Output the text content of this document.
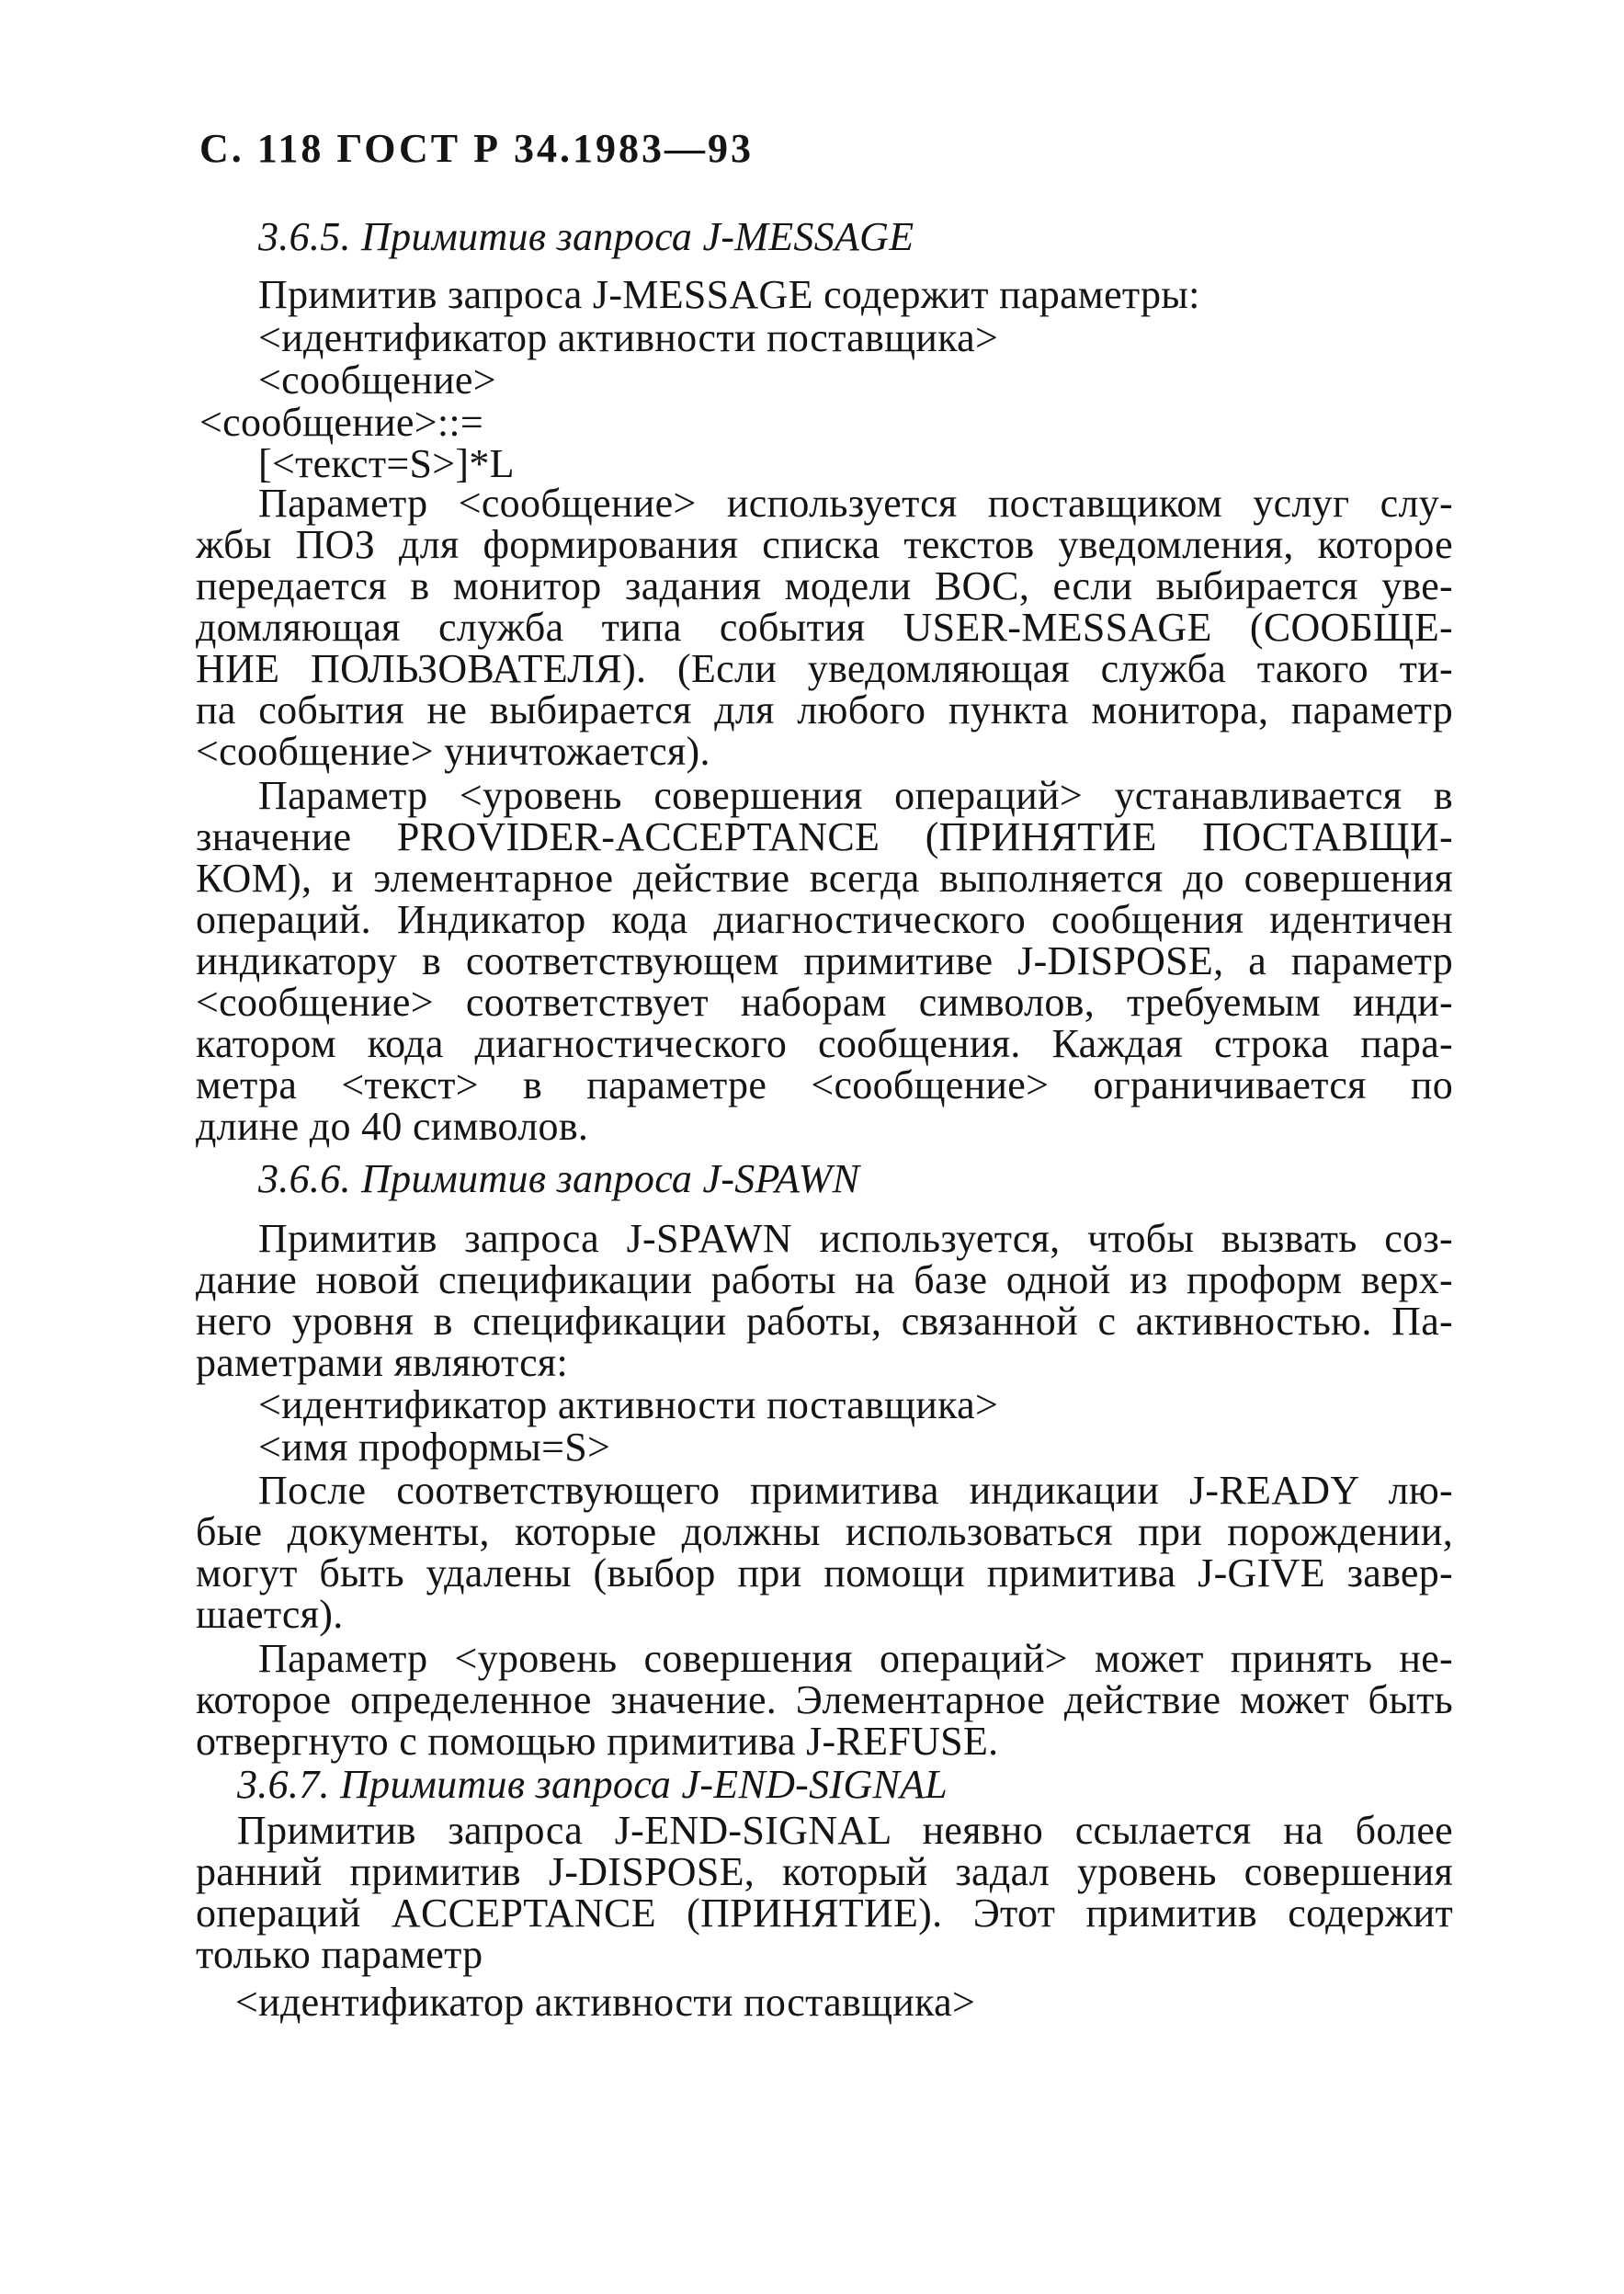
С. 118 ГОСТ Р 34.1983—93
3.6.5. Примитив запроса J-MESSAGE
Примитив запроса J-MESSAGE содержит параметры:
<идентификатор активности поставщика>
<сообщение>
<сообщение>::=
[<текст=S>]*L
Параметр <сообщение> используется поставщиком услуг слу-
жбы ПОЗ для формирования списка текстов уведомления, которое
передается в монитор задания модели ВОС, если выбирается уве-
домляющая служба типа события USER-MESSAGE (СООБЩЕ-
НИЕ ПОЛЬЗОВАТЕЛЯ). (Если уведомляющая служба такого ти-
па события не выбирается для любого пункта монитора, параметр
<сообщение> уничтожается).
Параметр <уровень совершения операций> устанавливается в
значение PROVIDER-ACCEPTANCE (ПРИНЯТИЕ ПОСТАВЩИ-
КОМ), и элементарное действие всегда выполняется до совершения
операций. Индикатор кода диагностического сообщения идентичен
индикатору в соответствующем примитиве J-DISPOSE, а параметр
<сообщение> соответствует наборам символов, требуемым инди-
катором кода диагностического сообщения. Каждая строка пара-
метра <текст> в параметре <сообщение> ограничивается по
длине до 40 символов.
3.6.6. Примитив запроса J-SPAWN
Примитив запроса J-SPAWN используется, чтобы вызвать соз-
дание новой спецификации работы на базе одной из проформ верх-
него уровня в спецификации работы, связанной с активностью. Па-
раметрами являются:
<идентификатор активности поставщика>
<имя проформы=S>
После соответствующего примитива индикации J-READY лю-
бые документы, которые должны использоваться при порождении,
могут быть удалены (выбор при помощи примитива J-GIVE завер-
шается).
Параметр <уровень совершения операций> может принять не-
которое определенное значение. Элементарное действие может быть
отвергнуто с помощью примитива J-REFUSE.
3.6.7. Примитив запроса J-END-SIGNAL
Примитив запроса J-END-SIGNAL неявно ссылается на более
ранний примитив J-DISPOSE, который задал уровень совершения
операций ACCEPTANCE (ПРИНЯТИЕ). Этот примитив содержит
только параметр
<идентификатор активности поставщика>
